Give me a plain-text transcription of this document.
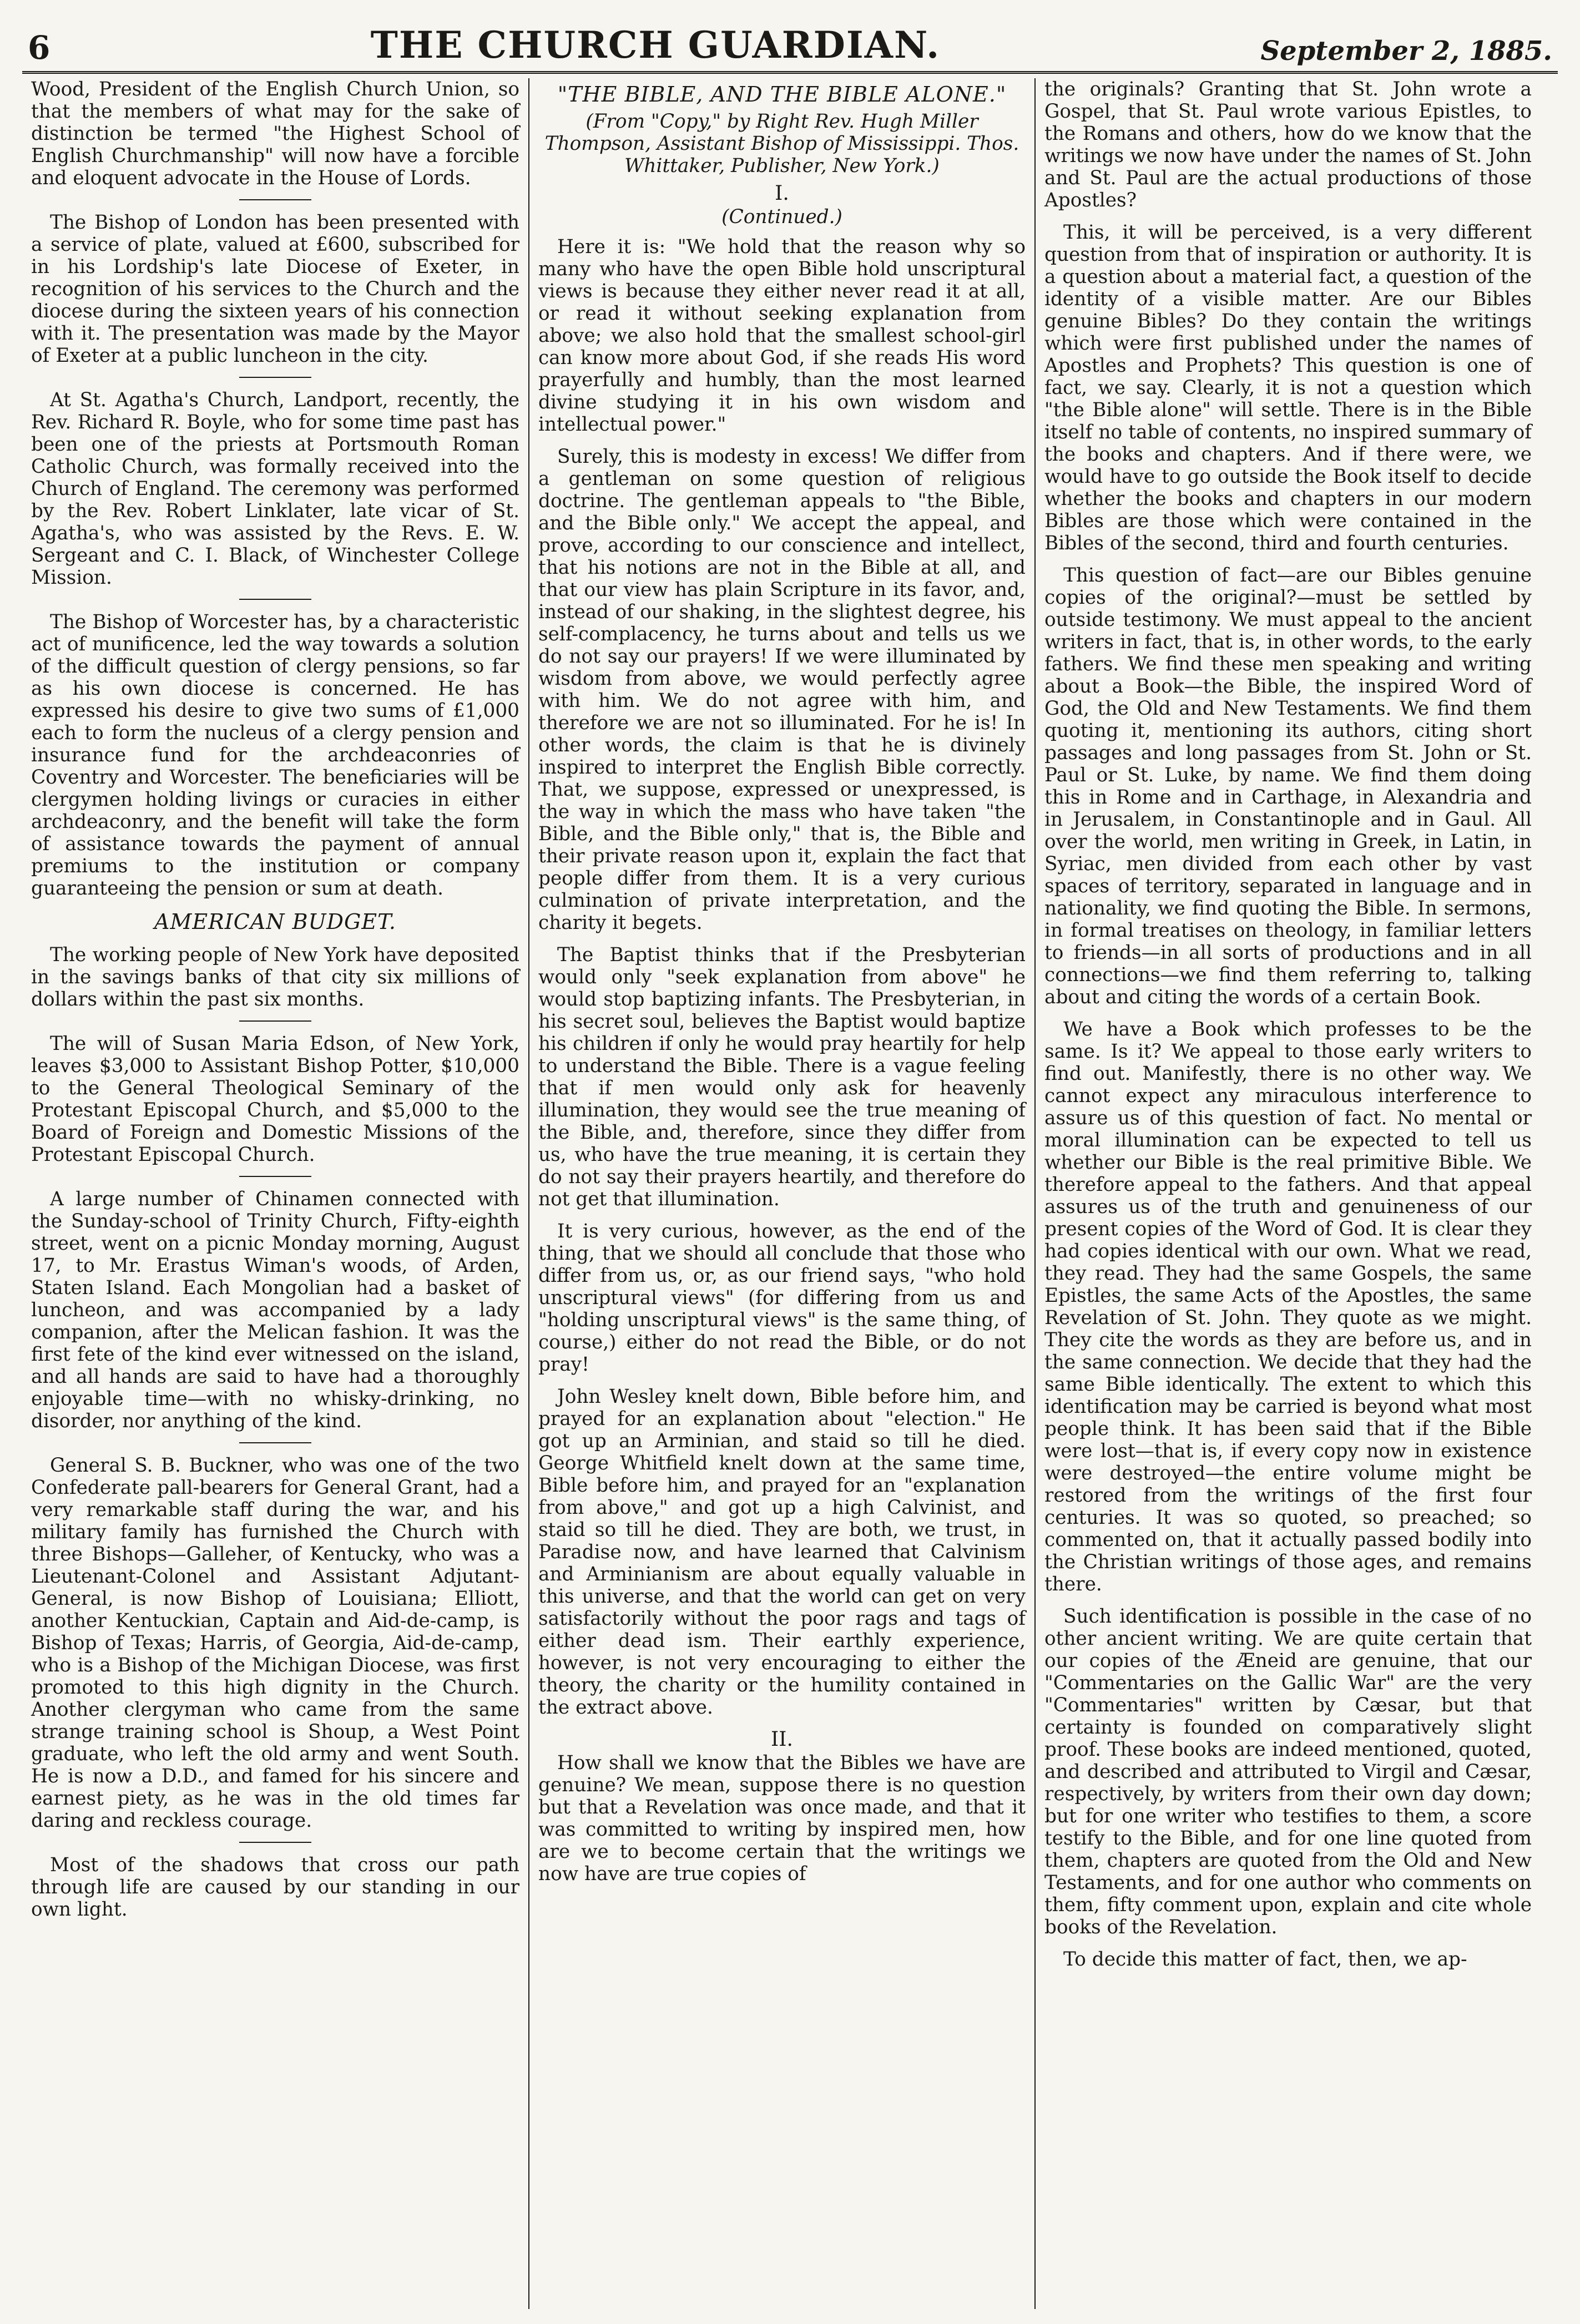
6	THE CHURCH GUARDIAN.	September 2, 1885.

Wood, President of the English Church Union, so that the members of what may for the sake of distinction be termed "the Highest School of English Churchmanship" will now have a forcible and eloquent advocate in the House of Lords.

The Bishop of London has been presented with a service of plate, valued at £600, subscribed for in his Lordship's late Diocese of Exeter, in recognition of his services to the Church and the diocese during the sixteen years of his connection with it. The presentation was made by the Mayor of Exeter at a public luncheon in the city.

At St. Agatha's Church, Landport, recently, the Rev. Richard R. Boyle, who for some time past has been one of the priests at Portsmouth Roman Catholic Church, was formally received into the Church of England. The ceremony was performed by the Rev. Robert Linklater, late vicar of St. Agatha's, who was assisted by the Revs. E. W. Sergeant and C. I. Black, of Winchester College Mission.

The Bishop of Worcester has, by a characteristic act of munificence, led the way towards a solution of the difficult question of clergy pensions, so far as his own diocese is concerned. He has expressed his desire to give two sums of £1,000 each to form the nucleus of a clergy pension and insurance fund for the archdeaconries of Coventry and Worcester. The beneficiaries will be clergymen holding livings or curacies in either archdeaconry, and the benefit will take the form of assistance towards the payment of annual premiums to the institution or company guaranteeing the pension or sum at death.

AMERICAN BUDGET.

The working people of New York have deposited in the savings banks of that city six millions of dollars within the past six months.

The will of Susan Maria Edson, of New York, leaves $3,000 to Assistant Bishop Potter, $10,000 to the General Theological Seminary of the Protestant Episcopal Church, and $5,000 to the Board of Foreign and Domestic Missions of the Protestant Episcopal Church.

A large number of Chinamen connected with the Sunday-school of Trinity Church, Fifty-eighth street, went on a picnic Monday morning, August 17, to Mr. Erastus Wiman's woods, of Arden, Staten Island. Each Mongolian had a basket of luncheon, and was accompanied by a lady companion, after the Melican fashion. It was the first fete of the kind ever witnessed on the island, and all hands are said to have had a thoroughly enjoyable time—with no whisky-drinking, no disorder, nor anything of the kind.

General S. B. Buckner, who was one of the two Confederate pall-bearers for General Grant, had a very remarkable staff during the war, and his military family has furnished the Church with three Bishops—Galleher, of Kentucky, who was a Lieutenant-Colonel and Assistant Adjutant-General, is now Bishop of Louisiana; Elliott, another Kentuckian, Captain and Aid-de-camp, is Bishop of Texas; Harris, of Georgia, Aid-de-camp, who is a Bishop of the Michigan Diocese, was first promoted to this high dignity in the Church. Another clergyman who came from the same strange training school is Shoup, a West Point graduate, who left the old army and went South. He is now a D.D., and famed for his sincere and earnest piety, as he was in the old times far daring and reckless courage.

Most of the shadows that cross our path through life are caused by our standing in our own light.

"THE BIBLE, AND THE BIBLE ALONE."
(From "Copy," by Right Rev. Hugh Miller Thompson, Assistant Bishop of Mississippi. Thos. Whittaker, Publisher, New York.)
I.
(Continued.)

Here it is: "We hold that the reason why so many who have the open Bible hold unscriptural views is because they either never read it at all, or read it without seeking explanation from above; we also hold that the smallest school-girl can know more about God, if she reads His word prayerfully and humbly, than the most learned divine studying it in his own wisdom and intellectual power."

Surely, this is modesty in excess! We differ from a gentleman on some question of religious doctrine. The gentleman appeals to "the Bible, and the Bible only." We accept the appeal, and prove, according to our conscience and intellect, that his notions are not in the Bible at all, and that our view has plain Scripture in its favor, and, instead of our shaking, in the slightest degree, his self-complacency, he turns about and tells us we do not say our prayers! If we were illuminated by wisdom from above, we would perfectly agree with him. We do not agree with him, and therefore we are not so illuminated. For he is! In other words, the claim is that he is divinely inspired to interpret the English Bible correctly. That, we suppose, expressed or unexpressed, is the way in which the mass who have taken "the Bible, and the Bible only," that is, the Bible and their private reason upon it, explain the fact that people differ from them. It is a very curious culmination of private interpretation, and the charity it begets.

The Baptist thinks that if the Presbyterian would only "seek explanation from above" he would stop baptizing infants. The Presbyterian, in his secret soul, believes the Baptist would baptize his children if only he would pray heartily for help to understand the Bible. There is a vague feeling that if men would only ask for heavenly illumination, they would see the true meaning of the Bible, and, therefore, since they differ from us, who have the true meaning, it is certain they do not say their prayers heartily, and therefore do not get that illumination.

It is very curious, however, as the end of the thing, that we should all conclude that those who differ from us, or, as our friend says, "who hold unscriptural views" (for differing from us and "holding unscriptural views" is the same thing, of course,) either do not read the Bible, or do not pray!

John Wesley knelt down, Bible before him, and prayed for an explanation about "election." He got up an Arminian, and staid so till he died. George Whitfield knelt down at the same time, Bible before him, and prayed for an "explanation from above," and got up a high Calvinist, and staid so till he died. They are both, we trust, in Paradise now, and have learned that Calvinism and Arminianism are about equally valuable in this universe, and that the world can get on very satisfactorily without the poor rags and tags of either dead ism. Their earthly experience, however, is not very encouraging to either the theory, the charity or the humility contained in the extract above.

II.

How shall we know that the Bibles we have are genuine? We mean, suppose there is no question but that a Revelation was once made, and that it was committed to writing by inspired men, how are we to become certain that the writings we now have are true copies of

the originals? Granting that St. John wrote a Gospel, that St. Paul wrote various Epistles, to the Romans and others, how do we know that the writings we now have under the names of St. John and St. Paul are the actual productions of those Apostles?

This, it will be perceived, is a very different question from that of inspiration or authority. It is a question about a material fact, a question of the identity of a visible matter. Are our Bibles genuine Bibles? Do they contain the writings which were first published under the names of Apostles and Prophets? This question is one of fact, we say. Clearly, it is not a question which "the Bible alone" will settle. There is in the Bible itself no table of contents, no inspired summary of the books and chapters. And if there were, we would have to go outside the Book itself to decide whether the books and chapters in our modern Bibles are those which were contained in the Bibles of the second, third and fourth centuries.

This question of fact—are our Bibles genuine copies of the original?—must be settled by outside testimony. We must appeal to the ancient writers in fact, that is, in other words, to the early fathers. We find these men speaking and writing about a Book—the Bible, the inspired Word of God, the Old and New Testaments. We find them quoting it, mentioning its authors, citing short passages and long passages from St. John or St. Paul or St. Luke, by name. We find them doing this in Rome and in Carthage, in Alexandria and in Jerusalem, in Constantinople and in Gaul. All over the world, men writing in Greek, in Latin, in Syriac, men divided from each other by vast spaces of territory, separated in language and in nationality, we find quoting the Bible. In sermons, in formal treatises on theology, in familiar letters to friends—in all sorts of productions and in all connections—we find them referring to, talking about and citing the words of a certain Book.

We have a Book which professes to be the same. Is it? We appeal to those early writers to find out. Manifestly, there is no other way. We cannot expect any miraculous interference to assure us of this question of fact. No mental or moral illumination can be expected to tell us whether our Bible is the real primitive Bible. We therefore appeal to the fathers. And that appeal assures us of the truth and genuineness of our present copies of the Word of God. It is clear they had copies identical with our own. What we read, they read. They had the same Gospels, the same Epistles, the same Acts of the Apostles, the same Revelation of St. John. They quote as we might. They cite the words as they are before us, and in the same connection. We decide that they had the same Bible identically. The extent to which this identification may be carried is beyond what most people think. It has been said that if the Bible were lost—that is, if every copy now in existence were destroyed—the entire volume might be restored from the writings of the first four centuries. It was so quoted, so preached; so commented on, that it actually passed bodily into the Christian writings of those ages, and remains there.

Such identification is possible in the case of no other ancient writing. We are quite certain that our copies of the Æneid are genuine, that our "Commentaries on the Gallic War" are the very "Commentaries" written by Cæsar, but that certainty is founded on comparatively slight proof. These books are indeed mentioned, quoted, and described and attributed to Virgil and Cæsar, respectively, by writers from their own day down; but for one writer who testifies to them, a score testify to the Bible, and for one line quoted from them, chapters are quoted from the Old and New Testaments, and for one author who comments on them, fifty comment upon, explain and cite whole books of the Revelation.

To decide this matter of fact, then, we ap-
